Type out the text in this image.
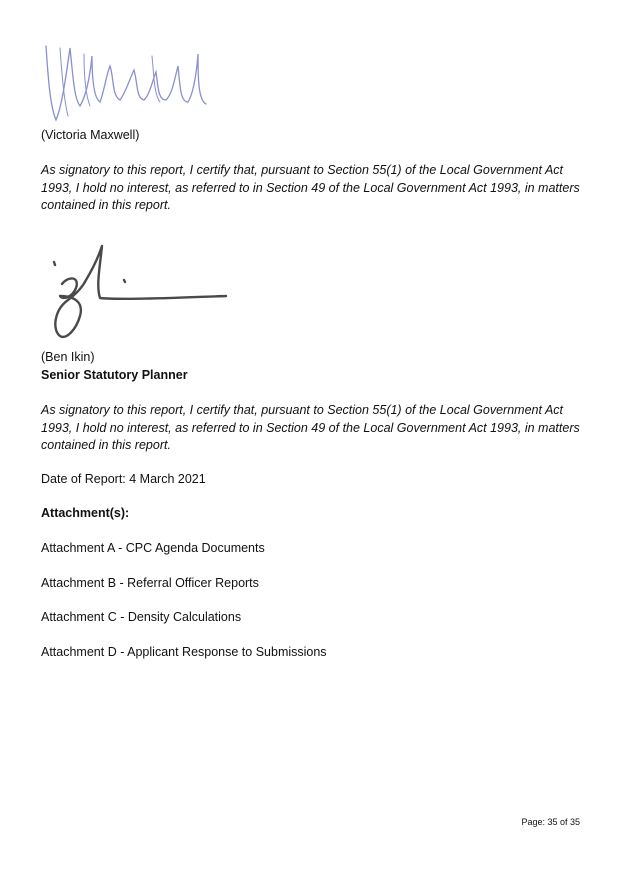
(Victoria Maxwell)
As signatory to this report, I certify that, pursuant to Section 55(1) of the Local Government Act 1993, I hold no interest, as referred to in Section 49 of the Local Government Act 1993, in matters contained in this report.
(Ben Ikin)
Senior Statutory Planner
As signatory to this report, I certify that, pursuant to Section 55(1) of the Local Government Act 1993, I hold no interest, as referred to in Section 49 of the Local Government Act 1993, in matters contained in this report.
Date of Report: 4 March 2021
Attachment(s):
Attachment A - CPC Agenda Documents
Attachment B - Referral Officer Reports
Attachment C - Density Calculations
Attachment D - Applicant Response to Submissions
Page: 35 of 35
